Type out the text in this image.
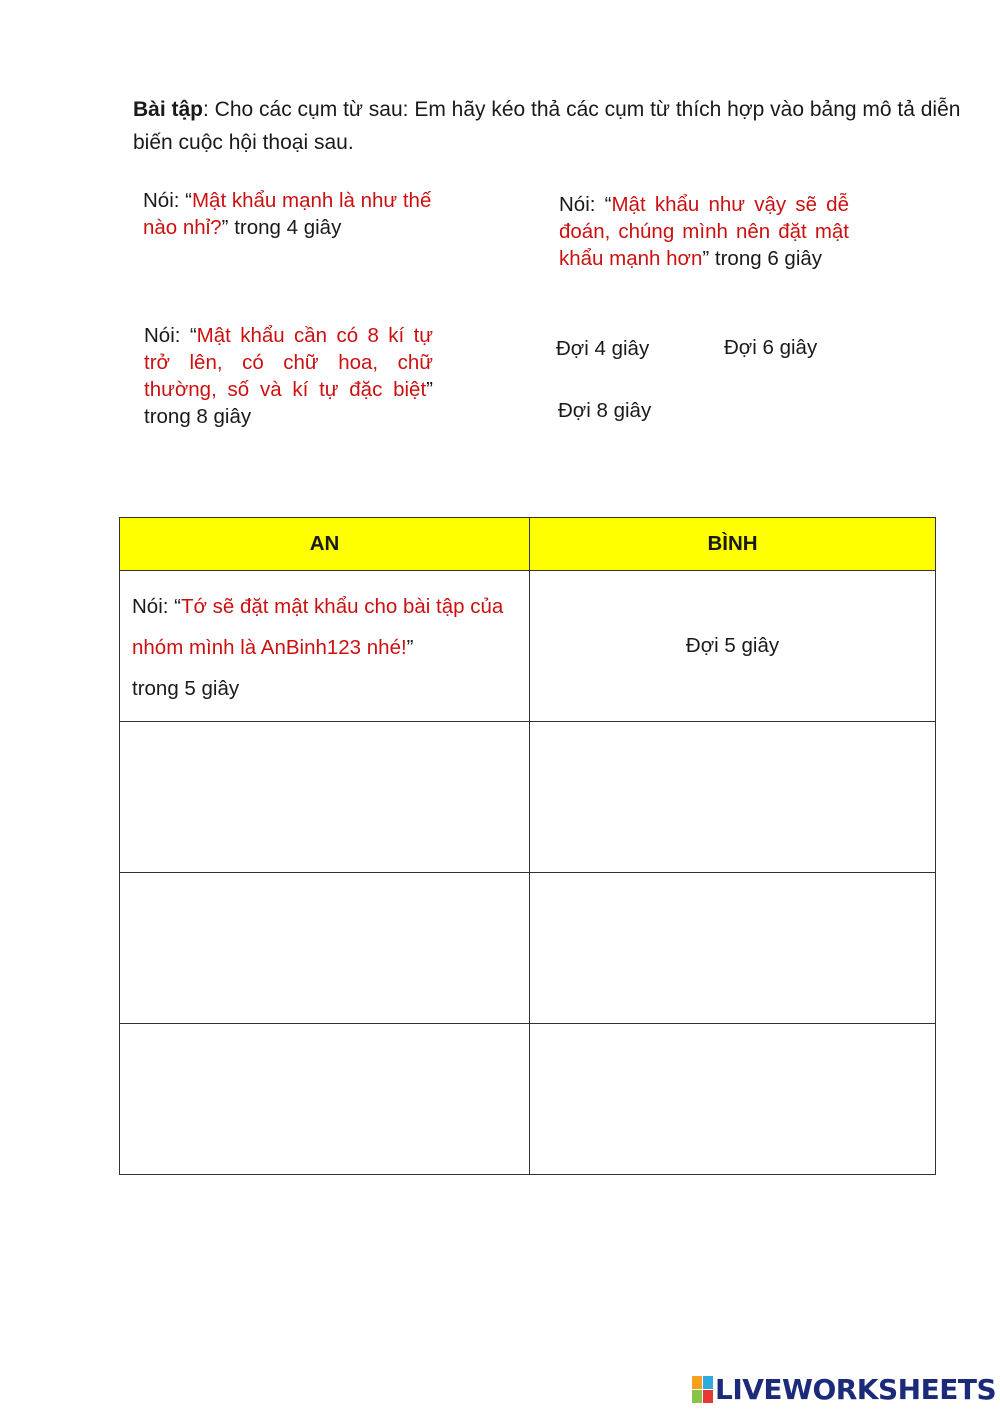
Bài tập: Cho các cụm từ sau: Em hãy kéo thả các cụm từ thích hợp vào bảng mô tả diễn biến cuộc hội thoại sau.
Nói: “Mật khẩu mạnh là như thế nào nhỉ?” trong 4 giây
Nói: “Mật khẩu như vậy sẽ dễ đoán, chúng mình nên đặt mật khẩu mạnh hơn” trong 6 giây
Nói: “Mật khẩu cần có 8 kí tự trở lên, có chữ hoa, chữ thường, số và kí tự đặc biệt” trong 8 giây
Đợi 4 giây	Đợi 6 giây
Đợi 8 giây
AN	BÌNH

Nói: “Tớ sẽ đặt mật khẩu cho bài tập của nhóm mình là AnBinh123 nhé!”
trong 5 giây	Đợi 5 giây

LIVEWORKSHEETS
